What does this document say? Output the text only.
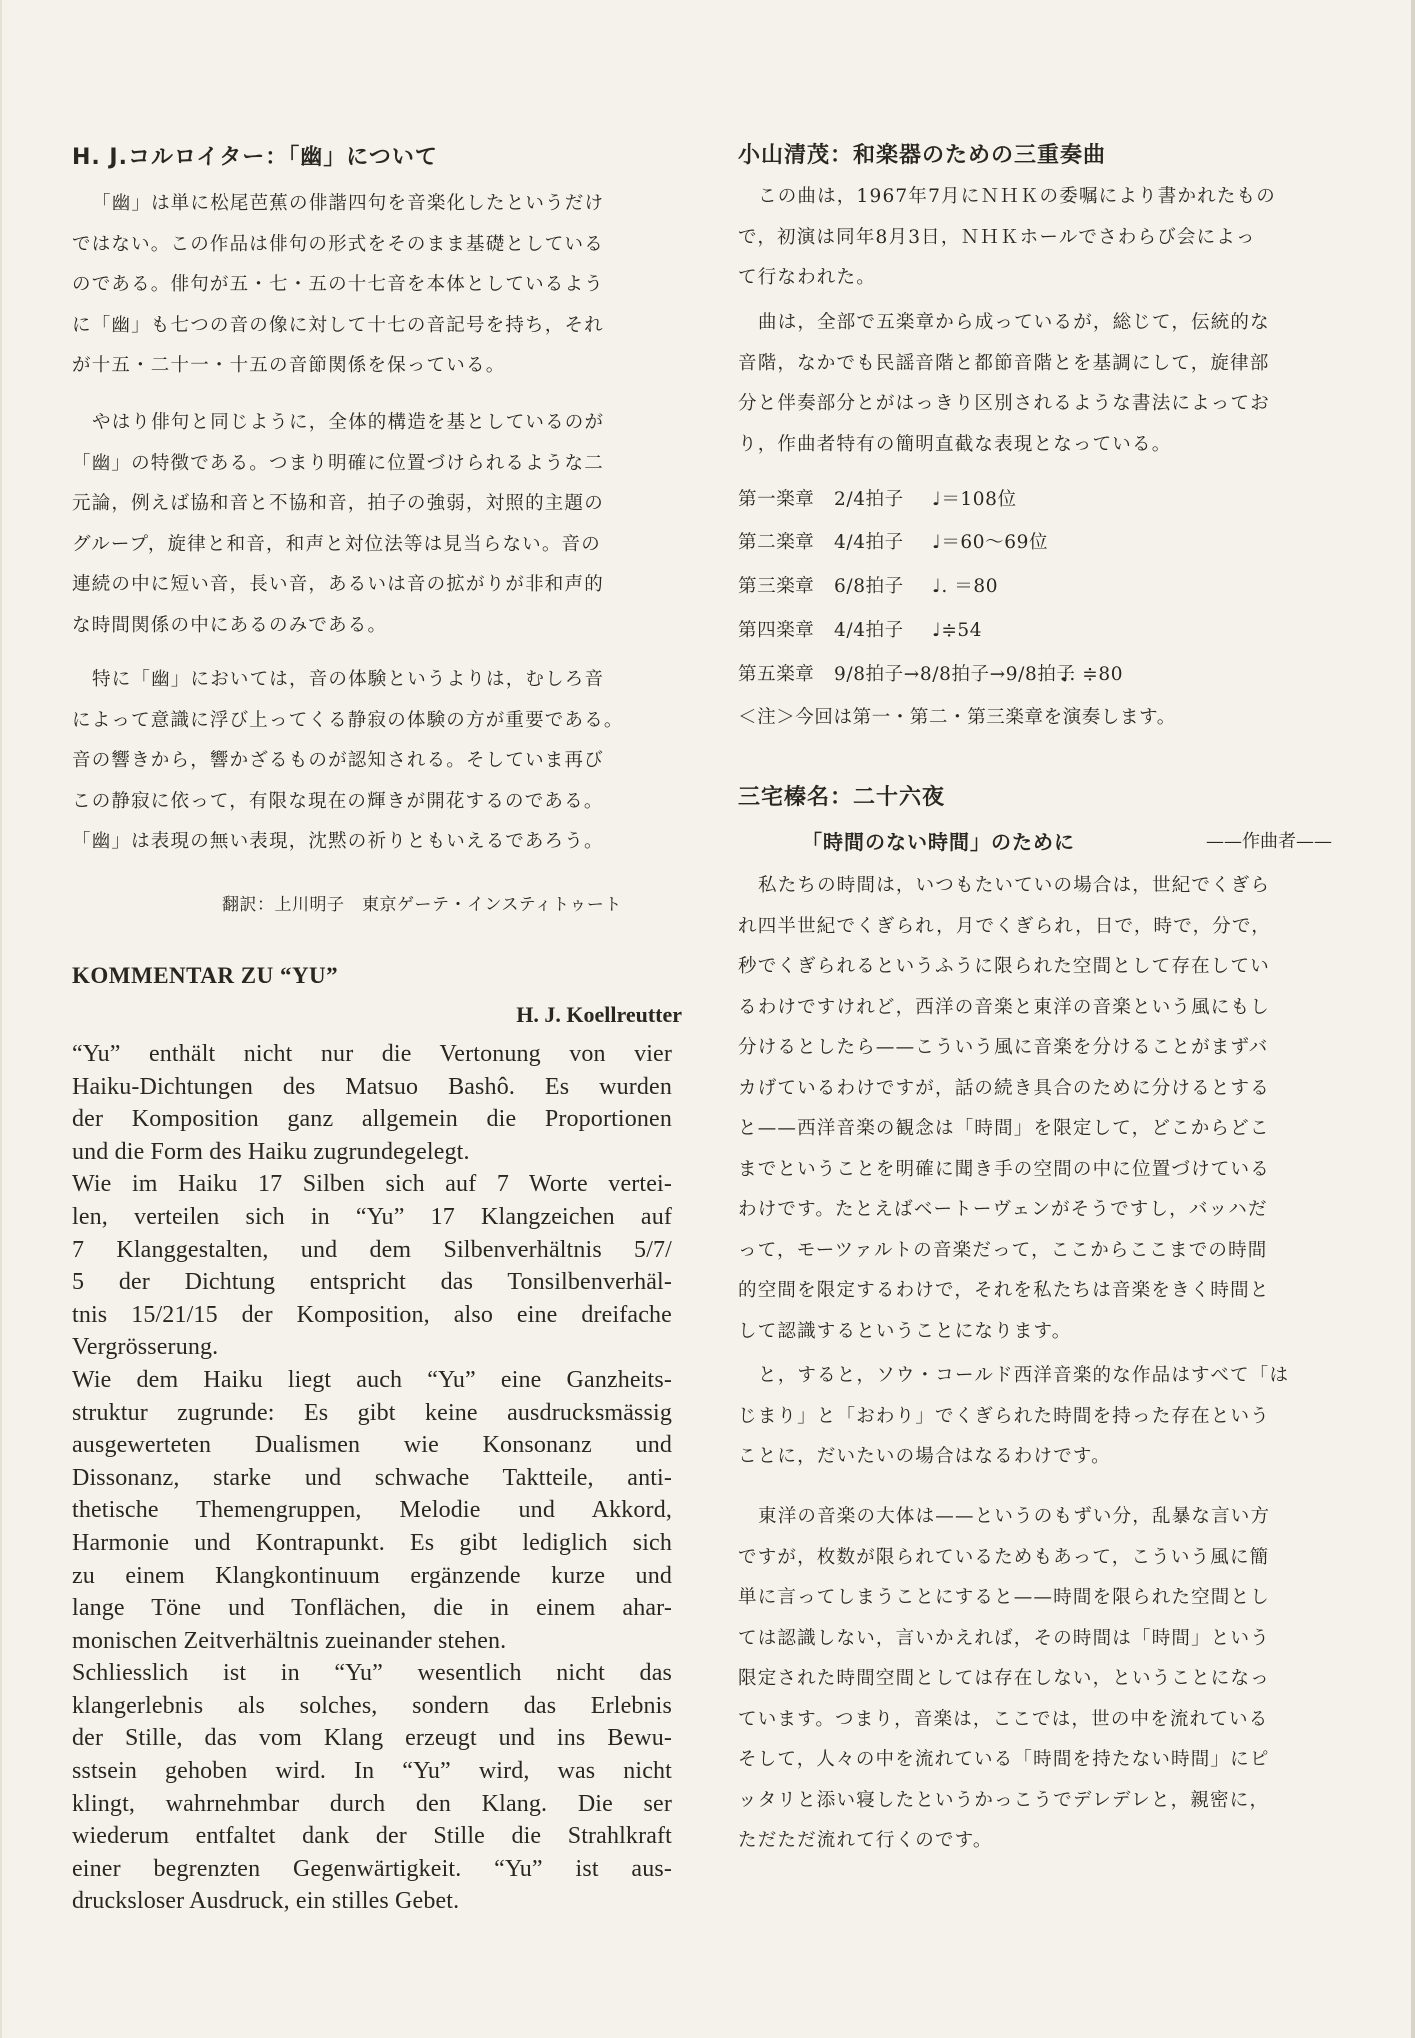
H. J.コルロイター：「幽」について
「幽」は単に松尾芭蕉の俳諧四句を音楽化したというだけ
ではない。この作品は俳句の形式をそのまま基礎としている
のである。俳句が五・七・五の十七音を本体としているよう
に「幽」も七つの音の像に対して十七の音記号を持ち，それ
が十五・二十一・十五の音節関係を保っている。
やはり俳句と同じように，全体的構造を基としているのが
「幽」の特徴である。つまり明確に位置づけられるような二
元論，例えば協和音と不協和音，拍子の強弱，対照的主題の
グループ，旋律と和音，和声と対位法等は見当らない。音の
連続の中に短い音，長い音，あるいは音の拡がりが非和声的
な時間関係の中にあるのみである。
特に「幽」においては，音の体験というよりは，むしろ音
によって意識に浮び上ってくる静寂の体験の方が重要である。
音の響きから，響かざるものが認知される。そしていま再び
この静寂に依って，有限な現在の輝きが開花するのである。
「幽」は表現の無い表現，沈黙の祈りともいえるであろう。
翻訳：上川明子　東京ゲーテ・インスティトゥート
KOMMENTAR ZU “YU”
H. J. Koellreutter
“Yu” enthält nicht nur die Vertonung von vier
Haiku-Dichtungen des Matsuo Bashô. Es wurden
der Komposition ganz allgemein die Proportionen
und die Form des Haiku zugrundegelegt.
Wie im Haiku 17 Silben sich auf 7 Worte vertei-
len, verteilen sich in “Yu” 17 Klangzeichen auf
7 Klanggestalten, und dem Silbenverhältnis 5/7/
5 der Dichtung entspricht das Tonsilbenverhäl-
tnis 15/21/15 der Komposition, also eine dreifache
Vergrösserung.
Wie dem Haiku liegt auch “Yu” eine Ganzheits-
struktur zugrunde: Es gibt keine ausdrucksmässig
ausgewerteten Dualismen wie Konsonanz und
Dissonanz, starke und schwache Taktteile, anti-
thetische Themengruppen, Melodie und Akkord,
Harmonie und Kontrapunkt. Es gibt lediglich sich
zu einem Klangkontinuum ergänzende kurze und
lange Töne und Tonflächen, die in einem ahar-
monischen Zeitverhältnis zueinander stehen.
Schliesslich ist in “Yu” wesentlich nicht das
klangerlebnis als solches, sondern das Erlebnis
der Stille, das vom Klang erzeugt und ins Bewu-
sstsein gehoben wird. In “Yu” wird, was nicht
klingt, wahrnehmbar durch den Klang. Die ser
wiederum entfaltet dank der Stille die Strahlkraft
einer begrenzten Gegenwärtigkeit. “Yu” ist aus-
drucksloser Ausdruck, ein stilles Gebet.
小山清茂：和楽器のための三重奏曲
この曲は，1967年7月にＮＨＫの委嘱により書かれたもの
で，初演は同年8月3日，ＮＨＫホールでさわらび会によっ
て行なわれた。
曲は，全部で五楽章から成っているが，総じて，伝統的な
音階，なかでも民謡音階と都節音階とを基調にして，旋律部
分と伴奏部分とがはっきり区別されるような書法によってお
り，作曲者特有の簡明直截な表現となっている。
第一楽章 2/4拍子 ♩＝108位
第二楽章 4/4拍子 ♩＝60～69位
第三楽章 6/8拍子 ♩. ＝80
第四楽章 4/4拍子 ♩≑54
第五楽章 9/8拍子→8/8拍子→9/8拍子♩. ≑80
＜注＞今回は第一・第二・第三楽章を演奏します。
三宅榛名：二十六夜
「時間のない時間」のために	——作曲者——
私たちの時間は，いつもたいていの場合は，世紀でくぎら
れ四半世紀でくぎられ，月でくぎられ，日で，時で，分で，
秒でくぎられるというふうに限られた空間として存在してい
るわけですけれど，西洋の音楽と東洋の音楽という風にもし
分けるとしたら——こういう風に音楽を分けることがまずバ
カげているわけですが，話の続き具合のために分けるとする
と——西洋音楽の観念は「時間」を限定して，どこからどこ
までということを明確に聞き手の空間の中に位置づけている
わけです。たとえばベートーヴェンがそうですし，バッハだ
って，モーツァルトの音楽だって，ここからここまでの時間
的空間を限定するわけで，それを私たちは音楽をきく時間と
して認識するということになります。
と，すると，ソウ・コールド西洋音楽的な作品はすべて「は
じまり」と「おわり」でくぎられた時間を持った存在という
ことに，だいたいの場合はなるわけです。
東洋の音楽の大体は——というのもずい分，乱暴な言い方
ですが，枚数が限られているためもあって，こういう風に簡
単に言ってしまうことにすると——時間を限られた空間とし
ては認識しない，言いかえれば，その時間は「時間」という
限定された時間空間としては存在しない，ということになっ
ています。つまり，音楽は，ここでは，世の中を流れている
そして，人々の中を流れている「時間を持たない時間」にピ
ッタリと添い寝したというかっこうでデレデレと，親密に，
ただただ流れて行くのです。
